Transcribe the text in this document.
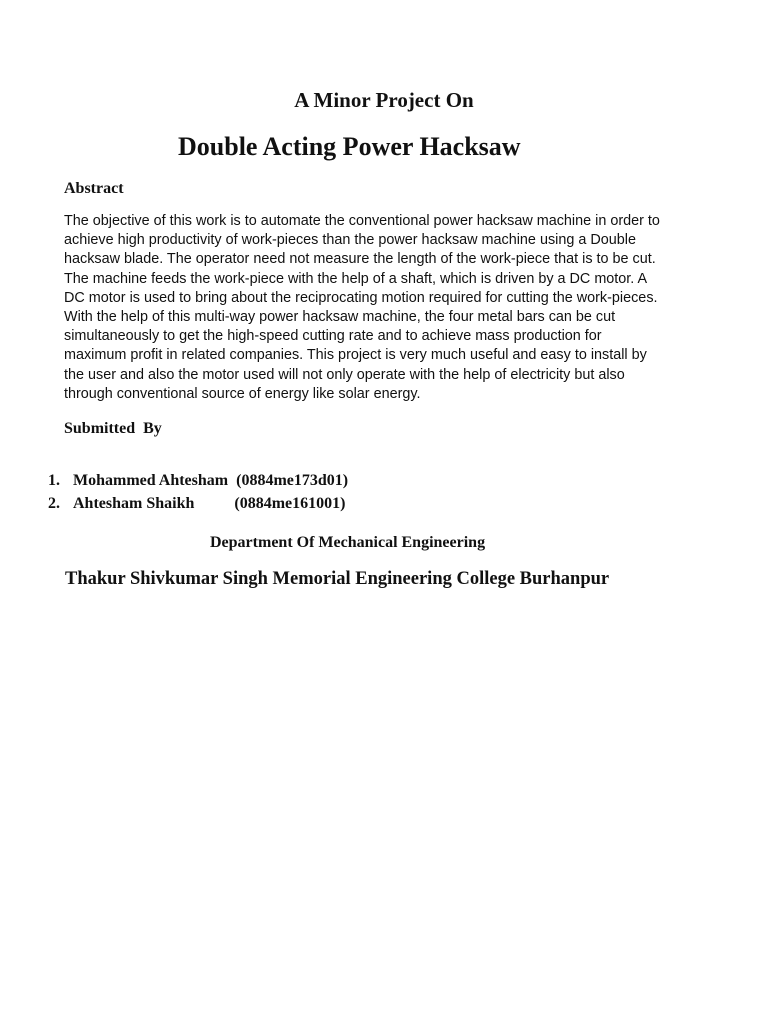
A Minor Project On
Double Acting Power Hacksaw
Abstract

The objective of this work is to automate the conventional power hacksaw machine in order to
achieve high productivity of work-pieces than the power hacksaw machine using a Double
hacksaw blade. The operator need not measure the length of the work-piece that is to be cut.
The machine feeds the work-piece with the help of a shaft, which is driven by a DC motor. A
DC motor is used to bring about the reciprocating motion required for cutting the work-pieces.
With the help of this multi-way power hacksaw machine, the four metal bars can be cut
simultaneously to get the high-speed cutting rate and to achieve mass production for
maximum profit in related companies. This project is very much useful and easy to install by
the user and also the motor used will not only operate with the help of electricity but also
through conventional source of energy like solar energy.

Submitted  By

1. Mohammed Ahtesham  (0884me173d01)

2. Ahtesham Shaikh          (0884me161001)

Department Of Mechanical Engineering
Thakur Shivkumar Singh Memorial Engineering College Burhanpur
